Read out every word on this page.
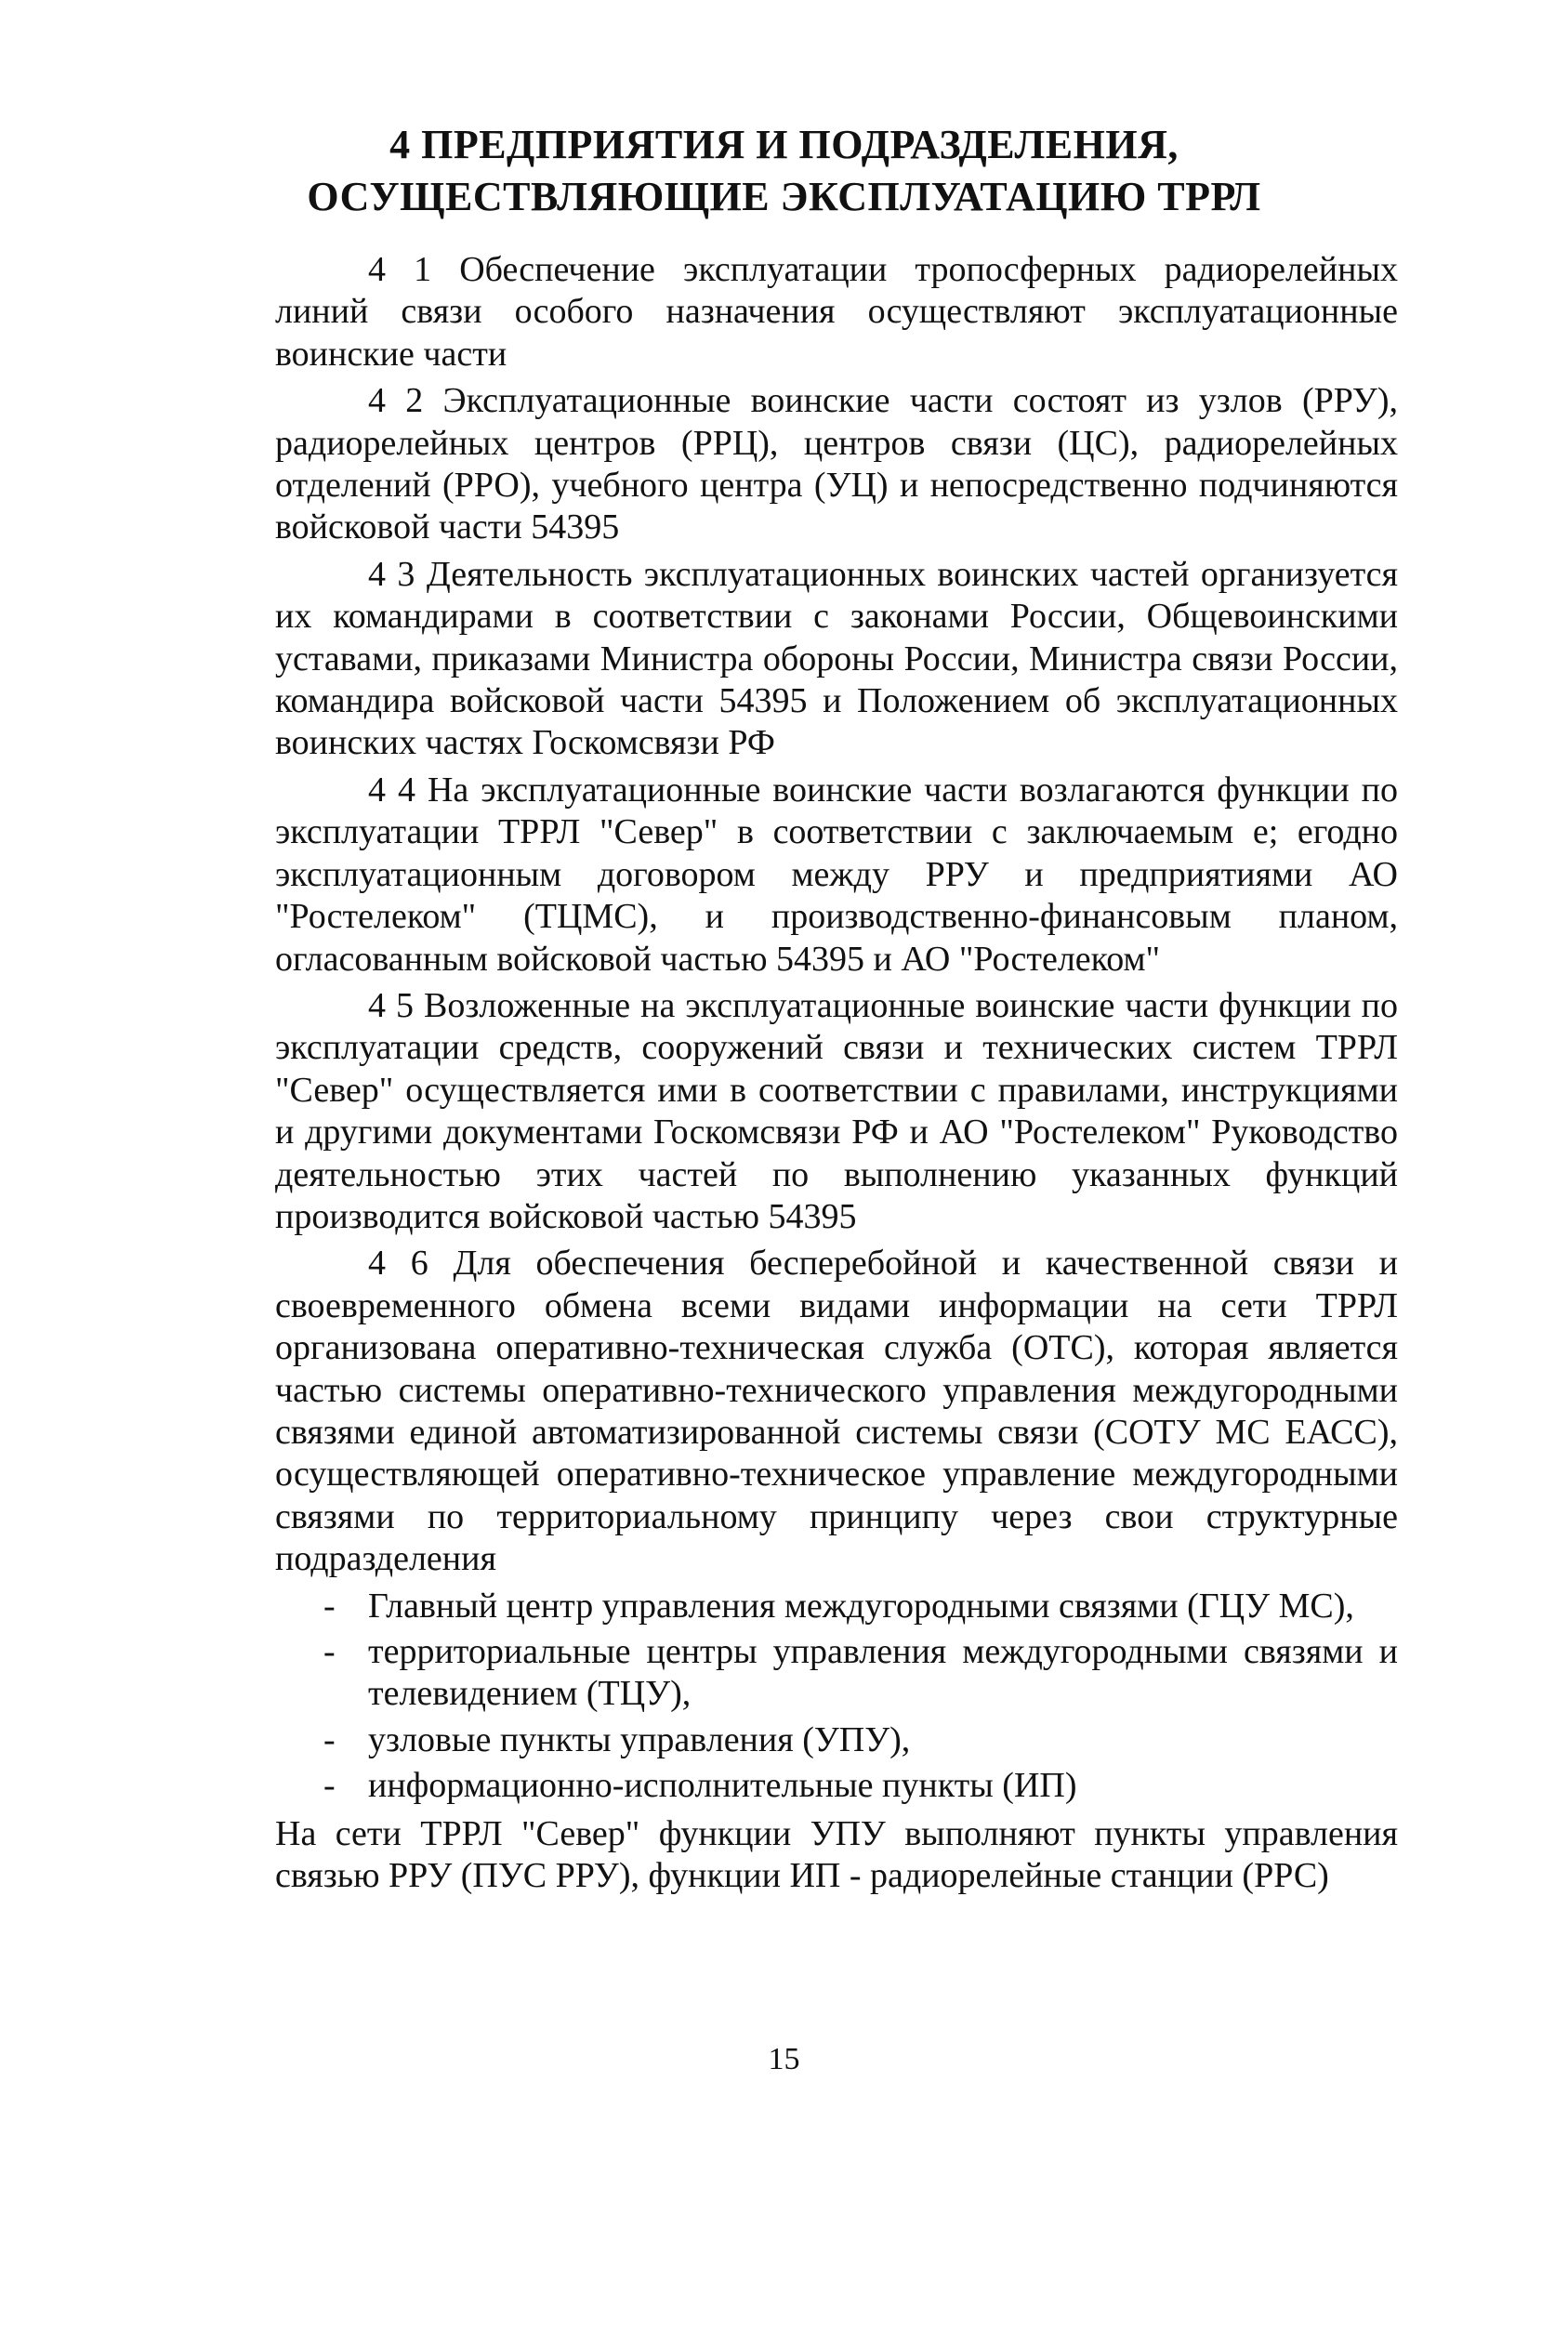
4 ПРЕДПРИЯТИЯ И ПОДРАЗДЕЛЕНИЯ,
ОСУЩЕСТВЛЯЮЩИЕ ЭКСПЛУАТАЦИЮ ТРРЛ

4 1 Обеспечение эксплуатации тропосферных радиорелейных линий связи особого назначения осуществляют эксплуатационные воинские части

4 2 Эксплуатационные воинские части состоят из узлов (РРУ), радиорелейных центров (РРЦ), центров связи (ЦС), радиорелейных отделений (РРО), учебного центра (УЦ) и непосредственно подчиняются войсковой части 54395

4 3 Деятельность эксплуатационных воинских частей организуется их командирами в соответствии с законами России, Общевоинскими уставами, приказами Министра обороны России, Министра связи России, командира войсковой части 54395 и Положением об эксплуатационных воинских частях Госкомсвязи РФ

4 4 На эксплуатационные воинские части возлагаются функции по эксплуатации ТРРЛ "Север" в соответствии с заключаемым е; егодно эксплуатационным договором между РРУ и предприятиями АО "Ростелеком" (ТЦМС), и производственно-финансовым планом, огласованным войсковой частью 54395 и АО "Ростелеком"

4 5 Возложенные на эксплуатационные воинские части функции по эксплуатации средств, сооружений связи и технических систем ТРРЛ "Север" осуществляется ими в соответствии с правилами, инструкциями и другими документами Госкомсвязи РФ и АО "Ростелеком" Руководство деятельностью этих частей по выполнению указанных функций производится войсковой частью 54395

4 6 Для обеспечения бесперебойной и качественной связи и своевременного обмена всеми видами информации на сети ТРРЛ организована оперативно-техническая служба (ОТС), которая является частью системы оперативно-технического управления междугородными связями единой автоматизированной системы связи (СОТУ МС ЕАСС), осуществляющей оперативно-техническое управление междугородными связями по территориальному принципу через свои структурные подразделения

- Главный центр управления междугородными связями (ГЦУ МС),
- территориальные центры управления междугородными связями и телевидением (ТЦУ),
- узловые пункты управления (УПУ),
- информационно-исполнительные пункты (ИП)

На сети ТРРЛ "Север" функции УПУ выполняют пункты управления связью РРУ (ПУС РРУ), функции ИП - радиорелейные станции (РРС)

15
